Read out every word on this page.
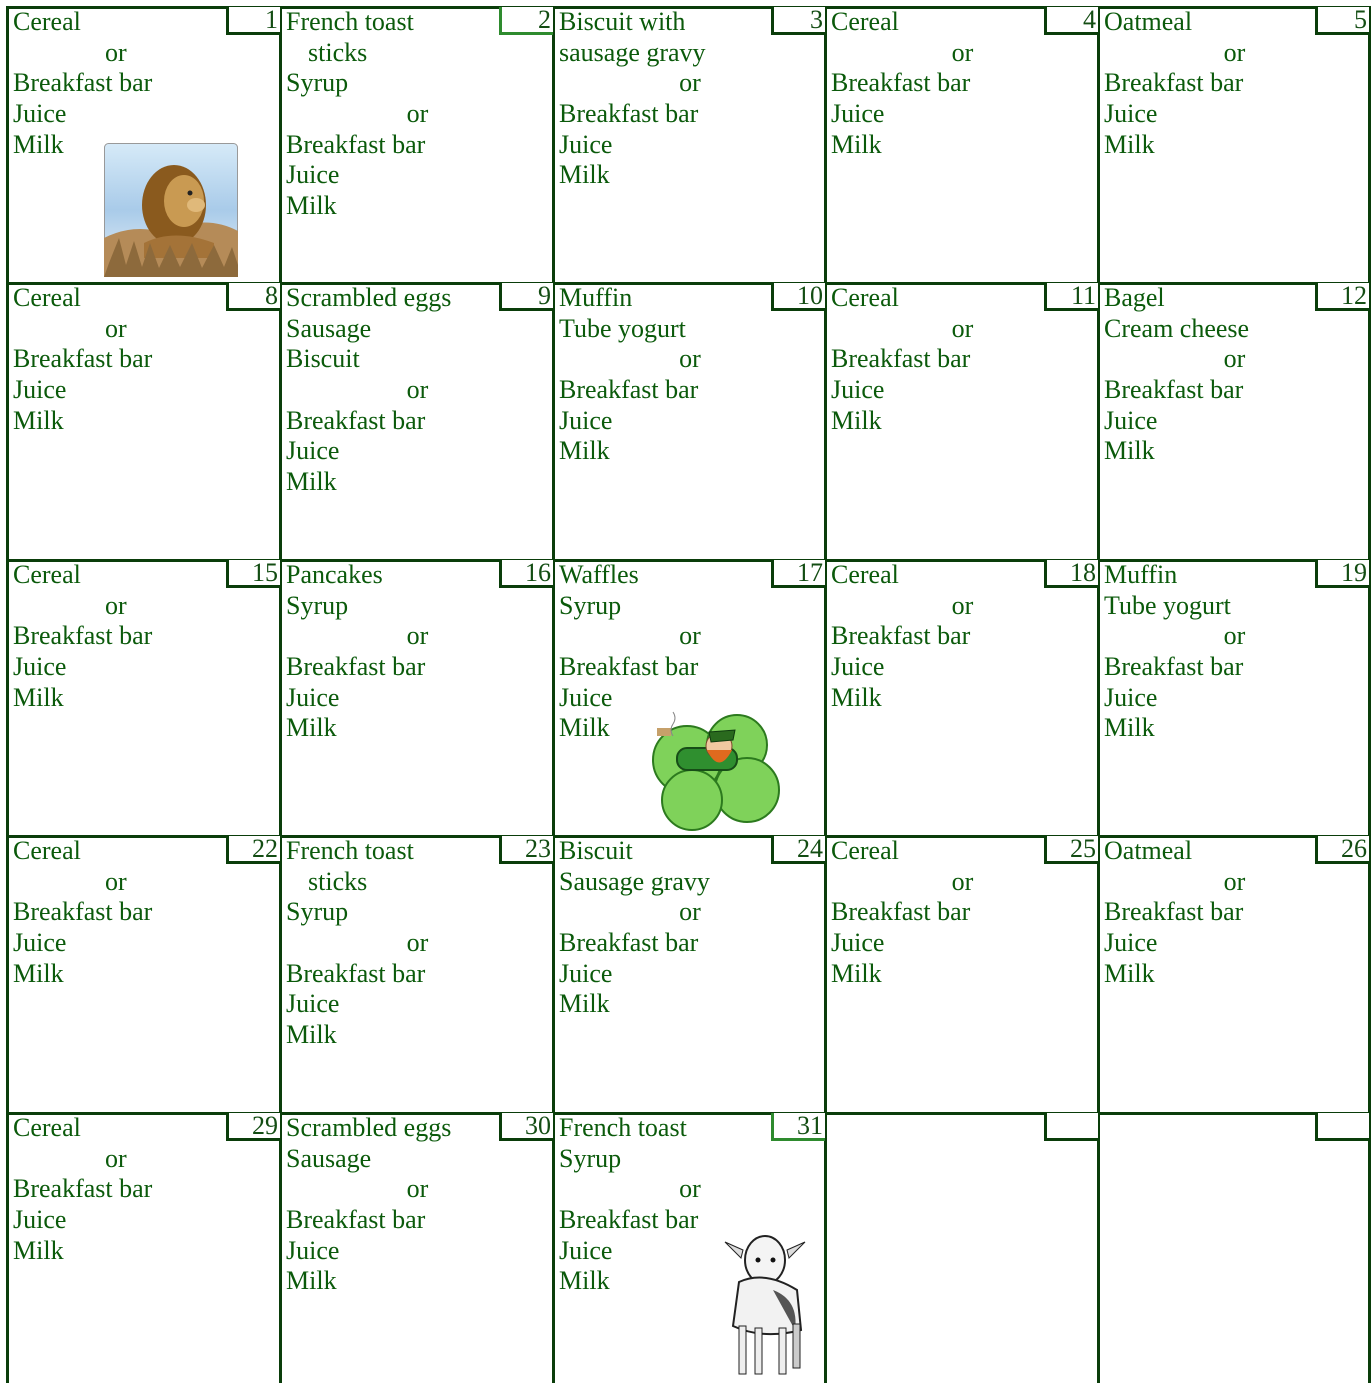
Cereal
or
Breakfast bar
Juice
Milk
1 French toast
sticks
Syrup
or
Breakfast bar
Juice
Milk
2 Biscuit with
sausage gravy
or
Breakfast bar
Juice
Milk
3 Cereal
or
Breakfast bar
Juice
Milk
4 Oatmeal
or
Breakfast bar
Juice
Milk
5
Cereal
or
Breakfast bar
Juice
Milk
8 Scrambled eggs
Sausage
Biscuit
or
Breakfast bar
Juice
Milk
9 Muffin
Tube yogurt
or
Breakfast bar
Juice
Milk
10 Cereal
or
Breakfast bar
Juice
Milk
11 Bagel
Cream cheese
or
Breakfast bar
Juice
Milk
12
Cereal
or
Breakfast bar
Juice
Milk
15 Pancakes
Syrup
or
Breakfast bar
Juice
Milk
16 Waffles
Syrup
or
Breakfast bar
Juice
Milk
17 Cereal
or
Breakfast bar
Juice
Milk
18 Muffin
Tube yogurt
or
Breakfast bar
Juice
Milk
19
Cereal
or
Breakfast bar
Juice
Milk
22 French toast
sticks
Syrup
or
Breakfast bar
Juice
Milk
23 Biscuit
Sausage gravy
or
Breakfast bar
Juice
Milk
24 Cereal
or
Breakfast bar
Juice
Milk
25 Oatmeal
or
Breakfast bar
Juice
Milk
26
Cereal
or
Breakfast bar
Juice
Milk
29 Scrambled eggs
Sausage
or
Breakfast bar
Juice
Milk
30 French toast
Syrup
or
Breakfast bar
Juice
Milk
31
